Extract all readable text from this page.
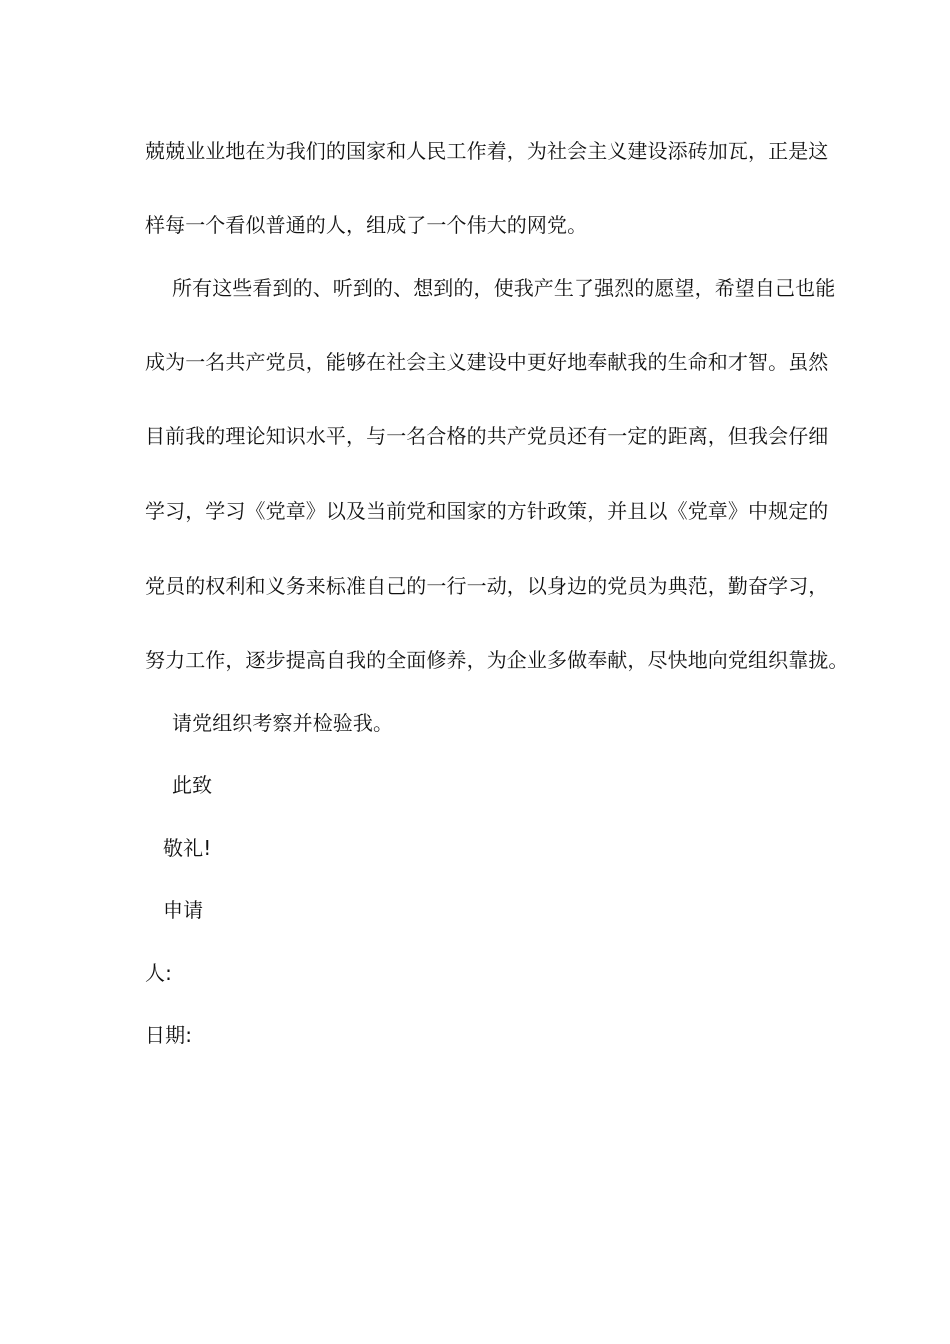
兢兢业业地在为我们的国家和人民工作着，为社会主义建设添砖加瓦，正是这

样每一个看似普通的人，组成了一个伟大的网党。

所有这些看到的、听到的、想到的，使我产生了强烈的愿望，希望自己也能

成为一名共产党员，能够在社会主义建设中更好地奉献我的生命和才智。虽然

目前我的理论知识水平，与一名合格的共产党员还有一定的距离，但我会仔细

学习，学习《党章》以及当前党和国家的方针政策，并且以《党章》中规定的

党员的权利和义务来标准自己的一行一动，以身边的党员为典范，勤奋学习，

努力工作，逐步提高自我的全面修养，为企业多做奉献，尽快地向党组织靠拢。

请党组织考察并检验我。

此致

敬礼!

申请

人:

日期:
